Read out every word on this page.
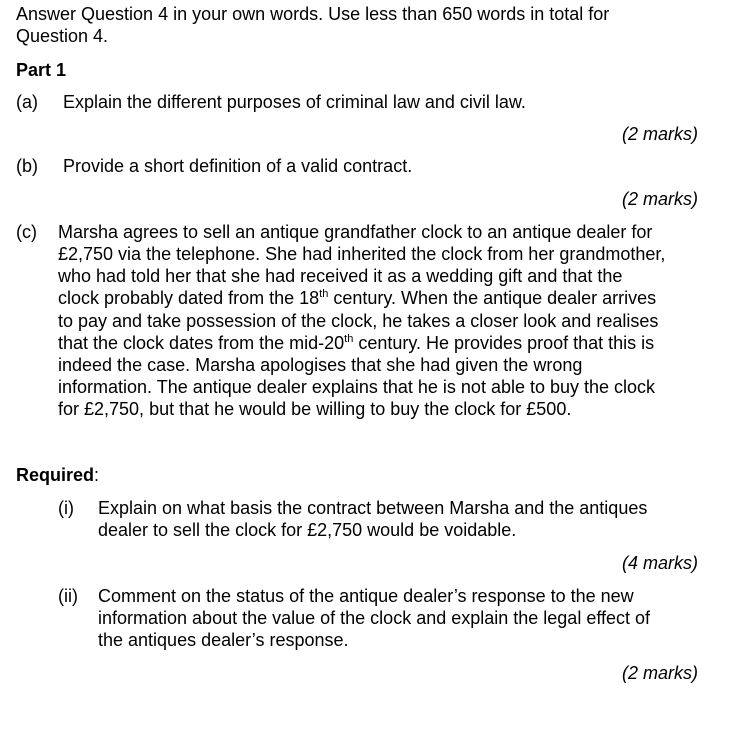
Answer Question 4 in your own words. Use less than 650 words in total for
Question 4.
Part 1
(a) Explain the different purposes of criminal law and civil law.
(2 marks)
(b) Provide a short definition of a valid contract.
(2 marks)
(c) Marsha agrees to sell an antique grandfather clock to an antique dealer for
£2,750 via the telephone. She had inherited the clock from her grandmother,
who had told her that she had received it as a wedding gift and that the
clock probably dated from the 18th century. When the antique dealer arrives
to pay and take possession of the clock, he takes a closer look and realises
that the clock dates from the mid-20th century. He provides proof that this is
indeed the case. Marsha apologises that she had given the wrong
information. The antique dealer explains that he is not able to buy the clock
for £2,750, but that he would be willing to buy the clock for £500.
Required:
(i) Explain on what basis the contract between Marsha and the antiques
dealer to sell the clock for £2,750 would be voidable.
(4 marks)
(ii) Comment on the status of the antique dealer’s response to the new
information about the value of the clock and explain the legal effect of
the antiques dealer’s response.
(2 marks)
